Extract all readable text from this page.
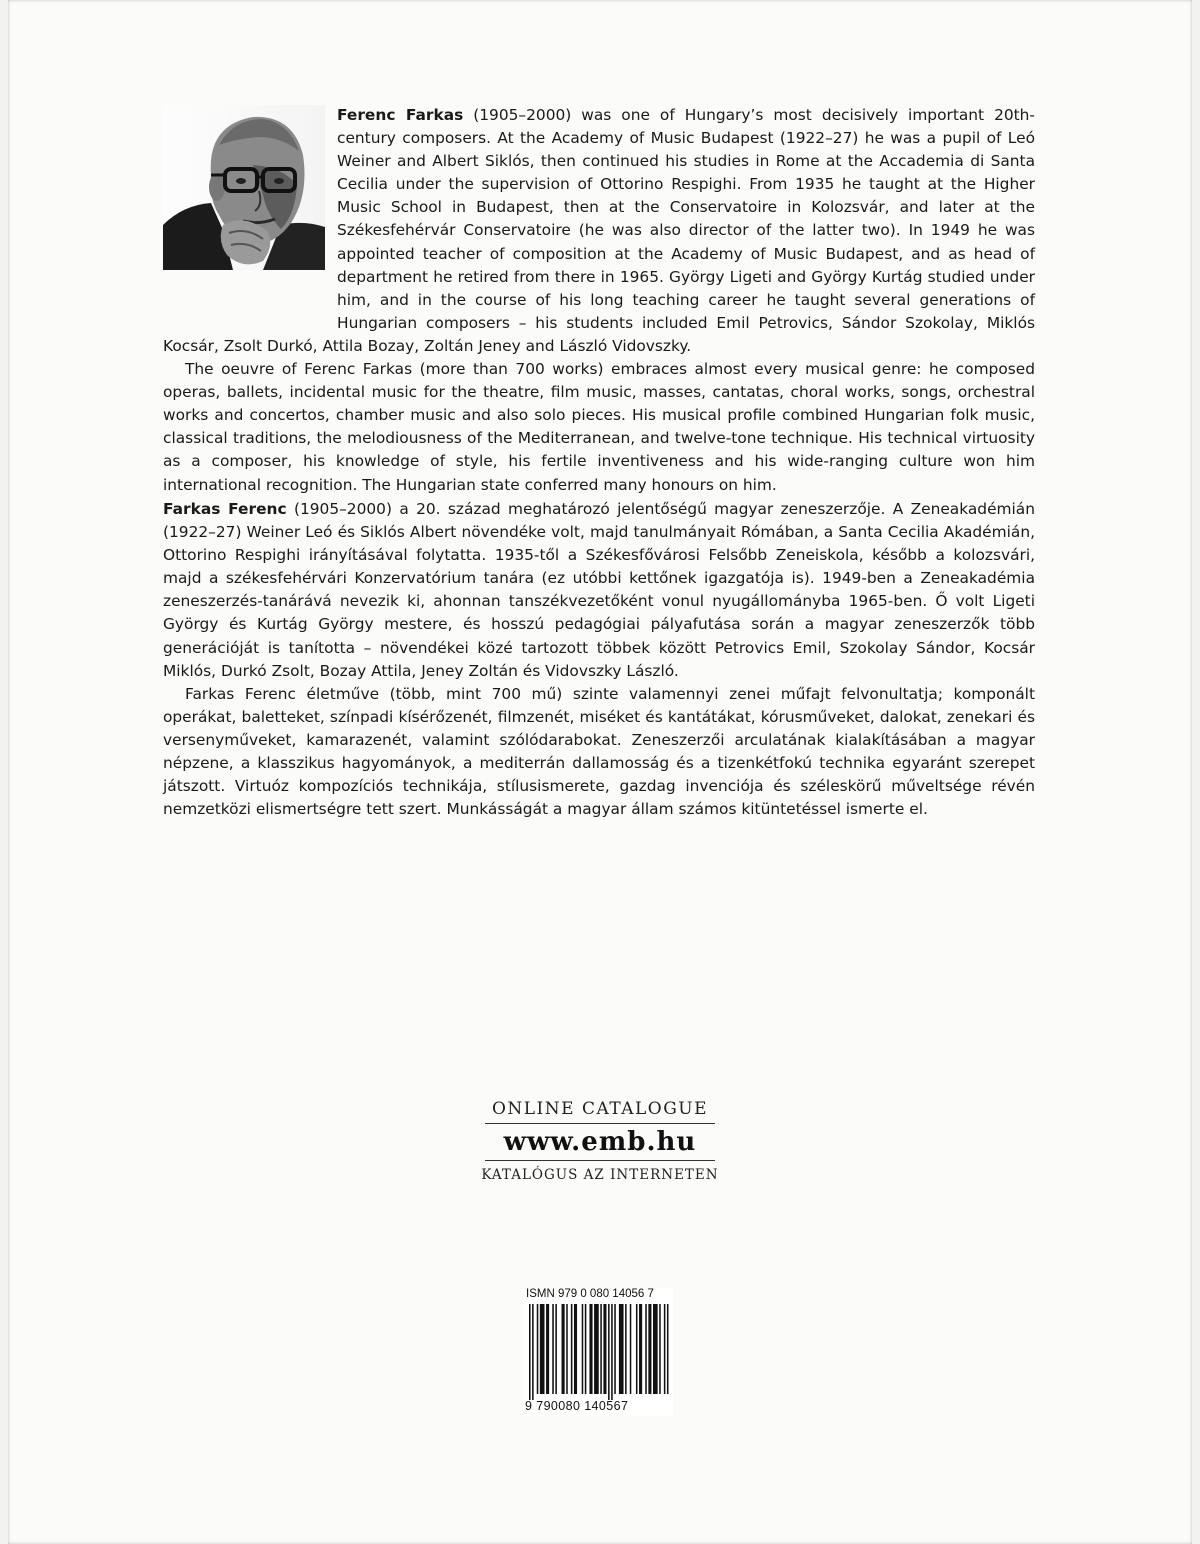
Ferenc Farkas (1905–2000) was one of Hungary’s most decisively important 20th-century composers. At the Academy of Music Budapest (1922–27) he was a pupil of Leó Weiner and Albert Siklós, then continued his studies in Rome at the Accademia di Santa Cecilia under the supervision of Ottorino Respighi. From 1935 he taught at the Higher Music School in Budapest, then at the Conservatoire in Kolozsvár, and later at the Székesfehérvár Conservatoire (he was also director of the latter two). In 1949 he was appointed teacher of composition at the Academy of Music Budapest, and as head of department he retired from there in 1965. György Ligeti and György Kurtág studied under him, and in the course of his long teaching career he taught several generations of Hungarian composers – his students included Emil Petrovics, Sándor Szokolay, Miklós Kocsár, Zsolt Durkó, Attila Bozay, Zoltán Jeney and László Vidovszky.

The oeuvre of Ferenc Farkas (more than 700 works) embraces almost every musical genre: he composed operas, ballets, incidental music for the theatre, film music, masses, cantatas, choral works, songs, orchestral works and concertos, chamber music and also solo pieces. His musical profile combined Hungarian folk music, classical traditions, the melodiousness of the Mediterranean, and twelve-tone technique. His technical virtuosity as a composer, his knowledge of style, his fertile inventiveness and his wide-ranging culture won him international recognition. The Hungarian state conferred many honours on him.

Farkas Ferenc (1905–2000) a 20. század meghatározó jelentőségű magyar zeneszerzője. A Zeneakadémián (1922–27) Weiner Leó és Siklós Albert növendéke volt, majd tanulmányait Rómában, a Santa Cecilia Akadémián, Ottorino Respighi irányításával folytatta. 1935-től a Székesfővárosi Felsőbb Zeneiskola, később a kolozsvári, majd a székesfehérvári Konzervatórium tanára (ez utóbbi kettőnek igazgatója is). 1949-ben a Zeneakadémia zeneszerzés-tanárává nevezik ki, ahonnan tanszékvezetőként vonul nyugállományba 1965-ben. Ő volt Ligeti György és Kurtág György mestere, és hosszú pedagógiai pályafutása során a magyar zeneszerzők több generációját is tanította – növendékei közé tartozott többek között Petrovics Emil, Szokolay Sándor, Kocsár Miklós, Durkó Zsolt, Bozay Attila, Jeney Zoltán és Vidovszky László.

Farkas Ferenc életműve (több, mint 700 mű) szinte valamennyi zenei műfajt felvonultatja; komponált operákat, baletteket, színpadi kísérőzenét, filmzenét, miséket és kantátákat, kórusműveket, dalokat, zenekari és versenyműveket, kamarazenét, valamint szólódarabokat. Zeneszerzői arculatának kialakításában a magyar népzene, a klasszikus hagyományok, a mediterrán dallamosság és a tizenkétfokú technika egyaránt szerepet játszott. Virtuóz kompozíciós technikája, stílusismerete, gazdag invenciója és széleskörű műveltsége révén nemzetközi elismertségre tett szert. Munkásságát a magyar állam számos kitüntetéssel ismerte el.

ONLINE CATALOGUE
www.emb.hu
KATALÓGUS AZ INTERNETEN
ISMN 979 0 080 14056 7
9 790080 140567
